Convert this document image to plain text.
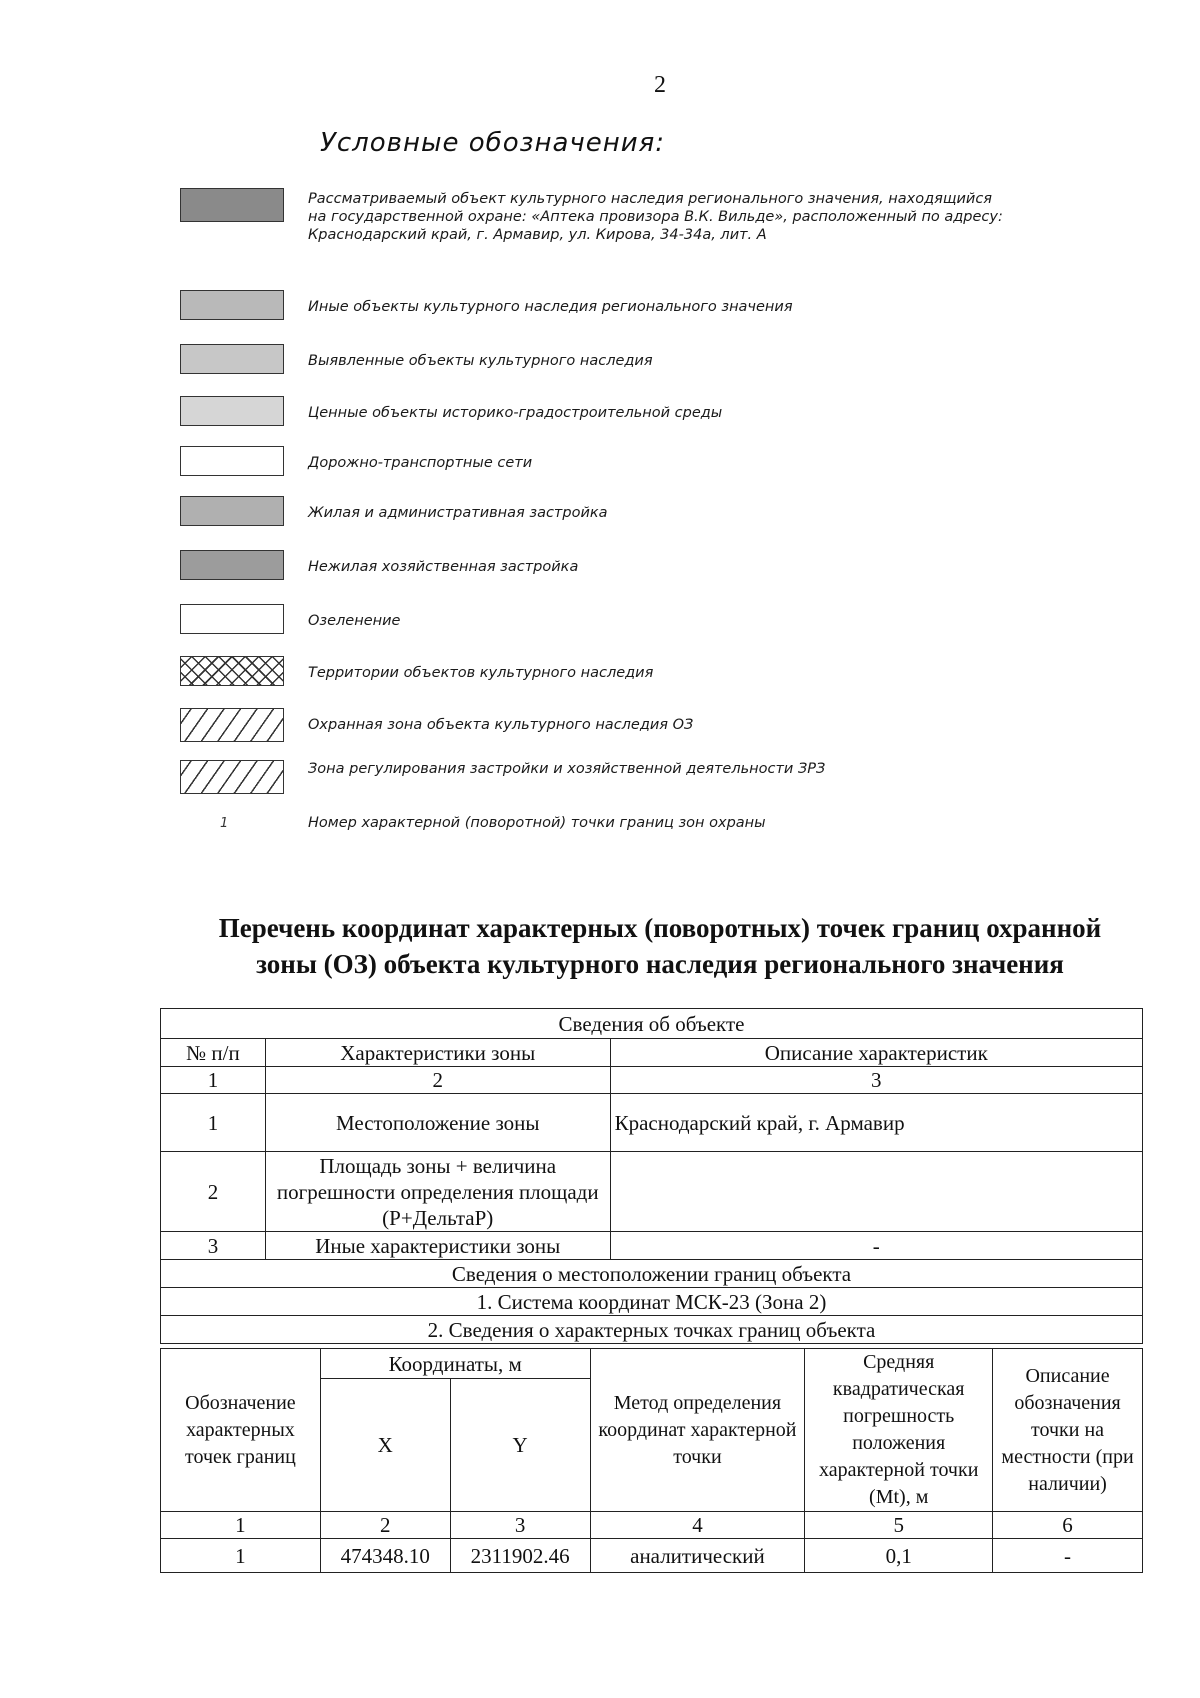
2
Условные обозначения:
Рассматриваемый объект культурного наследия регионального значения, находящийся на государственной охране: «Аптека провизора В.К. Вильде», расположенный по адресу: Краснодарский край, г. Армавир, ул. Кирова, 34-34а, лит. А
Иные объекты культурного наследия регионального значения
Выявленные объекты культурного наследия
Ценные объекты историко-градостроительной среды
Дорожно-транспортные сети
Жилая и административная застройка
Нежилая хозяйственная застройка
Озеленение
Территории объектов культурного наследия
Охранная зона объекта культурного наследия ОЗ
Зона регулирования застройки и хозяйственной деятельности ЗРЗ
1	Номер характерной (поворотной) точки границ зон охраны
Перечень координат характерных (поворотных) точек границ охранной
зоны (ОЗ) объекта культурного наследия регионального значения
Сведения об объекте		
№ п/п	Характеристики зоны	Описание характеристик
1	2	3
1	Местоположение зоны	Краснодарский край, г. Армавир
2	Площадь зоны + величина погрешности определения площади (Р+ДельтаР)	
3	Иные характеристики зоны	-
Сведения о местоположении границ объекта		
1. Система координат МСК-23 (Зона 2)		
2. Сведения о характерных точках границ объекта		
Обозначение характерных точек границ	Координаты, м		Метод определения координат характерной точки	Средняя квадратическая погрешность положения характерной точки (Mt), м	Описание обозначения точки на местности (при наличии)
	X	Y			
1	2	3	4	5	6
1	474348.10	2311902.46	аналитический	0,1	-
